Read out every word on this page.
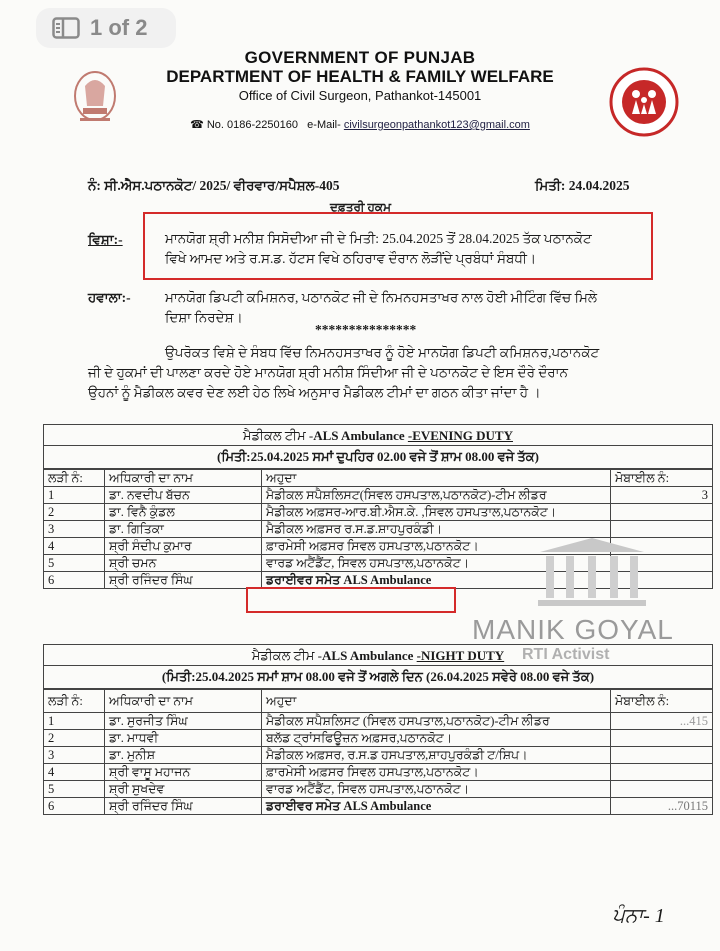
1 of 2
GOVERNMENT OF PUNJAB
DEPARTMENT OF HEALTH & FAMILY WELFARE
Office of Civil Surgeon, Pathankot-145001
☎ No. 0186-2250160 e-Mail- civilsurgeonpathankot123@gmail.com
ਨੰ: ਸੀ.ਐਸ.ਪਠਾਨਕੋਟ/ 2025/ ਵੀਰਵਾਰ/ਸਪੈਸ਼ਲ-405	ਮਿਤੀ: 24.04.2025
ਦਫ਼ਤਰੀ ਹੁਕਮ
ਵਿਸ਼ਾ:-	ਮਾਨਯੋਗ ਸ਼੍ਰੀ ਮਨੀਸ਼ ਸਿਸੋਦੀਆ ਜੀ ਦੇ ਮਿਤੀ: 25.04.2025 ਤੋਂ 28.04.2025 ਤੱਕ ਪਠਾਨਕੋਟ
ਵਿਖੇ ਆਮਦ ਅਤੇ ਰ.ਸ.ਡ. ਹੱਟਸ ਵਿਖੇ ਠਹਿਰਾਵ ਦੌਰਾਨ ਲੋੜੀਂਦੇ ਪ੍ਰਬੰਧਾਂ ਸੰਬਧੀ।
ਹਵਾਲਾ:-	ਮਾਨਯੋਗ ਡਿਪਟੀ ਕਮਿਸ਼ਨਰ, ਪਠਾਨਕੋਟ ਜੀ ਦੇ ਨਿਮਨਹਸਤਾਖਰ ਨਾਲ ਹੋਈ ਮੀਟਿੰਗ ਵਿੱਚ ਮਿਲੇ
ਦਿਸ਼ਾ ਨਿਰਦੇਸ਼।
***************
ਉਪਰੋਕਤ ਵਿਸ਼ੇ ਦੇ ਸੰਬਧ ਵਿੱਚ ਨਿਮਨਹਸਤਾਖਰ ਨੂੰ ਹੋਏ ਮਾਨਯੋਗ ਡਿਪਟੀ ਕਮਿਸ਼ਨਰ,ਪਠਾਨਕੋਟ
ਜੀ ਦੇ ਹੁਕਮਾਂ ਦੀ ਪਾਲਣਾ ਕਰਦੇ ਹੋਏ ਮਾਨਯੋਗ ਸ਼੍ਰੀ ਮਨੀਸ਼ ਸਿੰਦੀਆ ਜੀ ਦੇ ਪਠਾਨਕੋਟ ਦੇ ਇਸ ਦੌਰੇ ਦੌਰਾਨ
ਉਹਨਾਂ ਨੂੰ ਮੈਡੀਕਲ ਕਵਰ ਦੇਣ ਲਈ ਹੇਠ ਲਿਖੇ ਅਨੁਸਾਰ ਮੈਡੀਕਲ ਟੀਮਾਂ ਦਾ ਗਠਨ ਕੀਤਾ ਜਾਂਦਾ ਹੈ ।
ਮੈਡੀਕਲ ਟੀਮ -ALS Ambulance -EVENING DUTY
(ਮਿਤੀ:25.04.2025 ਸਮਾਂ ਦੁਪਹਿਰ 02.00 ਵਜੇ ਤੋਂ ਸ਼ਾਮ 08.00 ਵਜੇ ਤੱਕ)
ਲੜੀ ਨੰ:	ਅਧਿਕਾਰੀ ਦਾ ਨਾਮ	ਅਹੁਦਾ	ਮੋਬਾਈਲ ਨੰ:
1	ਡਾ. ਨਵਦੀਪ ਬੱਚਨ	ਮੈਡੀਕਲ ਸਪੈਸ਼ਲਿਸਟ(ਸਿਵਲ ਹਸਪਤਾਲ,ਪਠਾਨਕੋਟ)-ਟੀਮ ਲੀਡਰ	3
2	ਡਾ. ਵਿਨੈ ਕੁੰਡਲ	ਮੈਡੀਕਲ ਅਫ਼ਸਰ-ਆਰ.ਬੀ.ਐਸ.ਕੇ. ,ਸਿਵਲ ਹਸਪਤਾਲ,ਪਠਾਨਕੋਟ।	
3	ਡਾ. ਗਿਤਿਕਾ	ਮੈਡੀਕਲ ਅਫ਼ਸਰ ਰ.ਸ.ਡ.ਸ਼ਾਹਪੁਰਕੰਡੀ।	
4	ਸ਼੍ਰੀ ਸੰਦੀਪ ਕੁਮਾਰ	ਫ਼ਾਰਮੇਸੀ ਅਫ਼ਸਰ ਸਿਵਲ ਹਸਪਤਾਲ,ਪਠਾਨਕੋਟ।	
5	ਸ਼੍ਰੀ ਚਮਨ	ਵਾਰਡ ਅਟੈਂਡੈਂਟ, ਸਿਵਲ ਹਸਪਤਾਲ,ਪਠਾਨਕੋਟ।	
6	ਸ਼੍ਰੀ ਰਜਿੰਦਰ ਸਿੰਘ	ਡਰਾਈਵਰ ਸਮੇਤ ALS Ambulance	
MANIK GOYAL
RTI Activist
ਮੈਡੀਕਲ ਟੀਮ -ALS Ambulance -NIGHT DUTY
(ਮਿਤੀ:25.04.2025 ਸਮਾਂ ਸ਼ਾਮ 08.00 ਵਜੇ ਤੋਂ ਅਗਲੇ ਦਿਨ (26.04.2025 ਸਵੇਰੇ 08.00 ਵਜੇ ਤੱਕ)
ਲੜੀ ਨੰ:	ਅਧਿਕਾਰੀ ਦਾ ਨਾਮ	ਅਹੁਦਾ	ਮੋਬਾਈਲ ਨੰ:
1	ਡਾ. ਸੁਰਜੀਤ ਸਿੰਘ	ਮੈਡੀਕਲ ਸਪੈਸ਼ਲਿਸਟ (ਸਿਵਲ ਹਸਪਤਾਲ,ਪਠਾਨਕੋਟ)-ਟੀਮ ਲੀਡਰ	...415
2	ਡਾ. ਮਾਧਵੀ	ਬਲੱਡ ਟ੍ਰਾਂਸਫਿਊਜ਼ਨ ਅਫ਼ਸਰ,ਪਠਾਨਕੋਟ।	
3	ਡਾ. ਮੁਨੀਸ਼	ਮੈਡੀਕਲ ਅਫ਼ਸਰ, ਰ.ਸ.ਡ ਹਸਪਤਾਲ,ਸ਼ਾਹਪੁਰਕੰਡੀ ਟ/ਸ਼ਿਪ।	
4	ਸ਼੍ਰੀ ਵਾਸੂ ਮਹਾਜਨ	ਫ਼ਾਰਮੇਸੀ ਅਫ਼ਸਰ ਸਿਵਲ ਹਸਪਤਾਲ,ਪਠਾਨਕੋਟ।	
5	ਸ਼੍ਰੀ ਸੁਖਦੇਵ	ਵਾਰਡ ਅਟੈਂਡੈਂਟ, ਸਿਵਲ ਹਸਪਤਾਲ,ਪਠਾਨਕੋਟ।	
6	ਸ਼੍ਰੀ ਰਜਿੰਦਰ ਸਿੰਘ	ਡਰਾਈਵਰ ਸਮੇਤ ALS Ambulance	...70115
ਪੰਨਾ- 1
